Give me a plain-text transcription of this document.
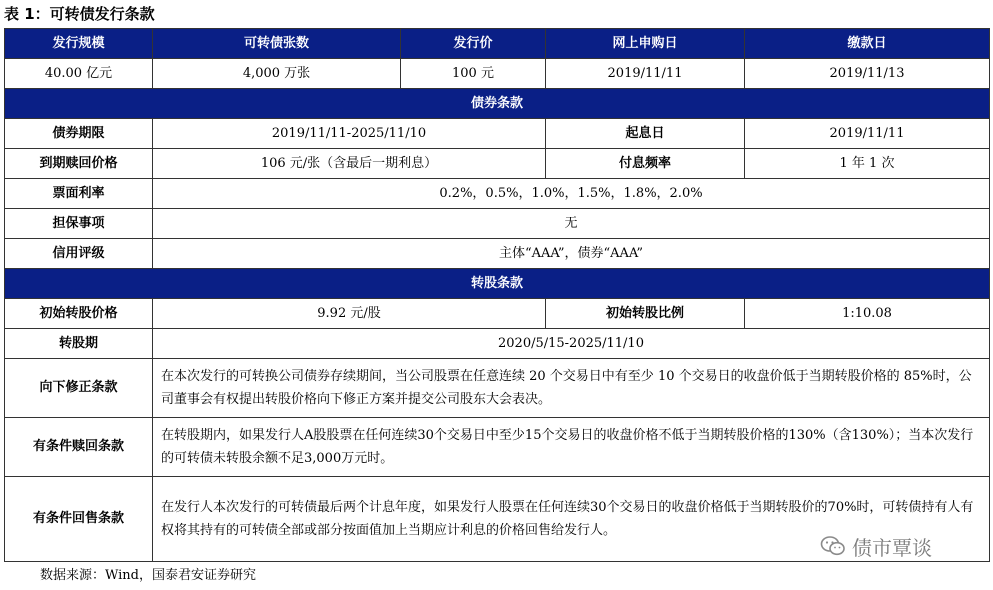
表 1：可转债发行条款
发行规模	可转债张数	发行价	网上申购日	缴款日
40.00 亿元	4,000 万张	100 元	2019/11/11	2019/11/13
债券条款				
债券期限	2019/11/11-2025/11/10		起息日	2019/11/11
到期赎回价格	106 元/张（含最后一期利息）		付息频率	1 年 1 次
票面利率	0.2%，0.5%，1.0%，1.5%，1.8%，2.0%			
担保事项	无			
信用评级	主体“AAA”，债券“AAA”			
转股条款				
初始转股价格	9.92 元/股		初始转股比例	1:10.08
转股期	2020/5/15-2025/11/10			
向下修正条款	在本次发行的可转换公司债券存续期间，当公司股票在任意连续 20 个交易日中有至少 10 个交易日的收盘价低于当期转股价格的 85%时，公司董事会有权提出转股价格向下修正方案并提交公司股东大会表决。			
有条件赎回条款	在转股期内，如果发行人A股股票在任何连续30个交易日中至少15个交易日的收盘价格不低于当期转股价格的130%（含130%）；当本次发行的可转债未转股余额不足3,000万元时。			
有条件回售条款	在发行人本次发行的可转债最后两个计息年度，如果发行人股票在任何连续30个交易日的收盘价格低于当期转股价的70%时，可转债持有人有权将其持有的可转债全部或部分按面值加上当期应计利息的价格回售给发行人。			
数据来源：Wind，国泰君安证券研究
债市覃谈
